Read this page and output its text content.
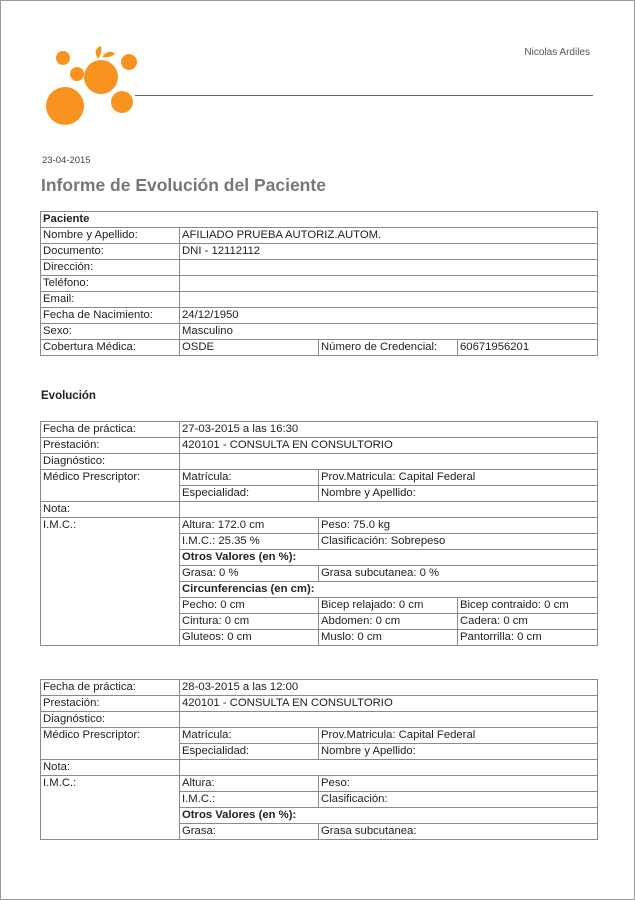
Nicolas Ardiles
23-04-2015
Informe de Evolución del Paciente
Paciente			
Nombre y Apellido:	AFILIADO PRUEBA AUTORIZ.AUTOM.		
Documento:	DNI - 12112112		
Dirección:			
Teléfono:			
Email:			
Fecha de Nacimiento:	24/12/1950		
Sexo:	Masculino		
Cobertura Médica:	OSDE	Número de Credencial:	60671956201
Evolución
Fecha de práctica:	27-03-2015 a las 16:30		
Prestación:	420101 - CONSULTA EN CONSULTORIO		
Diagnóstico:			
Médico Prescriptor:	Matrícula:	Prov.Matricula: Capital Federal	
	Especialidad:	Nombre y Apellido:	
Nota:			
I.M.C.:	Altura: 172.0 cm	Peso: 75.0 kg	
	I.M.C.: 25.35 %	Clasificación: Sobrepeso	
	Otros Valores (en %):		
	Grasa: 0 %	Grasa subcutanea: 0 %	
	Circunferencias (en cm):		
	Pecho: 0 cm	Bicep relajado: 0 cm	Bicep contraido: 0 cm
	Cintura: 0 cm	Abdomen: 0 cm	Cadera: 0 cm
	Gluteos: 0 cm	Muslo: 0 cm	Pantorrilla: 0 cm
Fecha de práctica:	28-03-2015 a las 12:00	
Prestación:	420101 - CONSULTA EN CONSULTORIO	
Diagnóstico:		
Médico Prescriptor:	Matrícula:	Prov.Matricula: Capital Federal
	Especialidad:	Nombre y Apellido:
Nota:		
I.M.C.:	Altura:	Peso:
	I.M.C.:	Clasificación:
	Otros Valores (en %):	
	Grasa:	Grasa subcutanea:
